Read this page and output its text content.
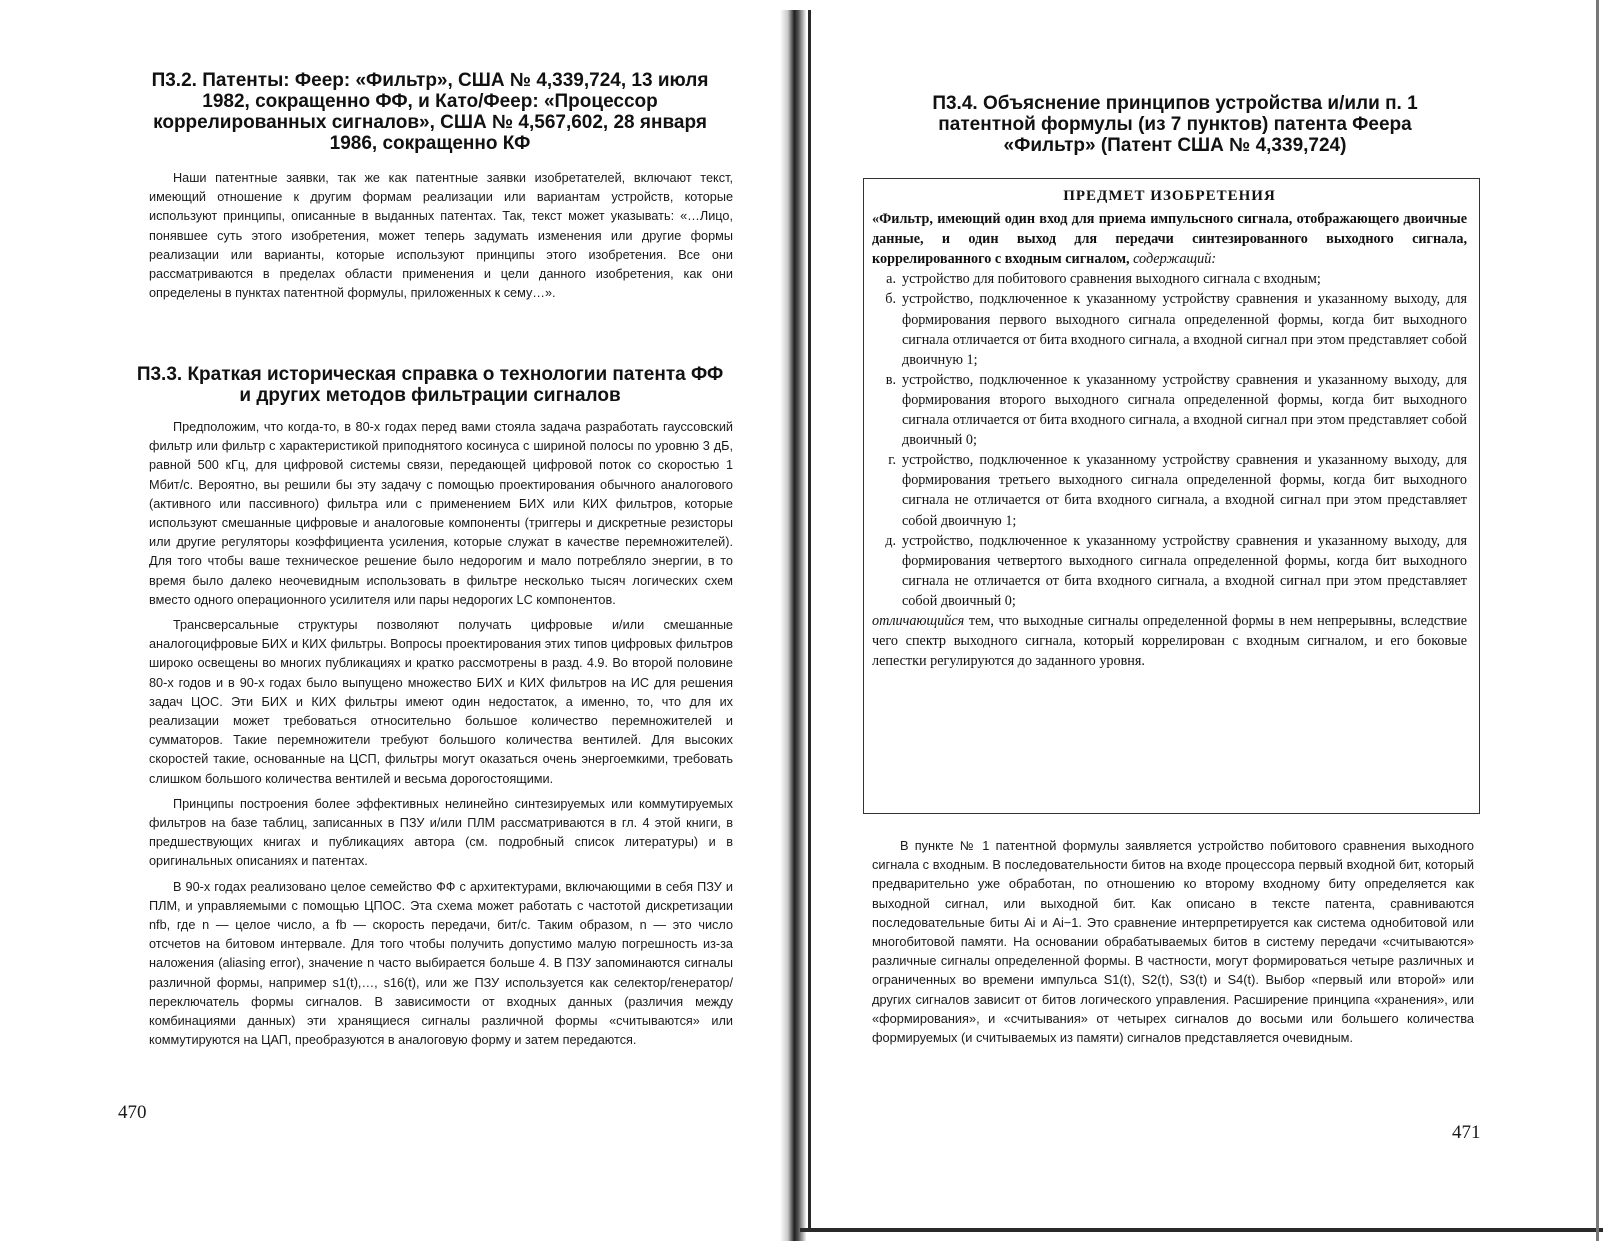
П3.2. Патенты: Феер: «Фильтр», США № 4,339,724, 13 июля 1982, сокращенно ФФ, и Като/Феер: «Процессор коррелированных сигналов», США № 4,567,602, 28 января 1986, сокращенно КФ

Наши патентные заявки, так же как патентные заявки изобретателей, включают текст, имеющий отношение к другим формам реализации или вариантам устройств, которые используют принципы, описанные в выданных патентах. Так, текст может указывать: «…Лицо, понявшее суть этого изобретения, может теперь задумать изменения или другие формы реализации или варианты, которые используют принципы этого изобретения. Все они рассматриваются в пределах области применения и цели данного изобретения, как они определены в пунктах патентной формулы, приложенных к сему…».

П3.3. Краткая историческая справка о технологии патента ФФ и других методов фильтрации сигналов

Предположим, что когда-то, в 80-х годах перед вами стояла задача разработать гауссовский фильтр или фильтр с характеристикой приподнятого косинуса с шириной полосы по уровню 3 дБ, равной 500 кГц, для цифровой системы связи, передающей цифровой поток со скоростью 1 Мбит/с. Вероятно, вы решили бы эту задачу с помощью проектирования обычного аналогового (активного или пассивного) фильтра или с применением БИХ или КИХ фильтров, которые используют смешанные цифровые и аналоговые компоненты (триггеры и дискретные резисторы или другие регуляторы коэффициента усиления, которые служат в качестве перемножителей). Для того чтобы ваше техническое решение было недорогим и мало потребляло энергии, в то время было далеко неочевидным использовать в фильтре несколько тысяч логических схем вместо одного операционного усилителя или пары недорогих LC компонентов.

Трансверсальные структуры позволяют получать цифровые и/или смешанные аналогоцифровые БИХ и КИХ фильтры. Вопросы проектирования этих типов цифровых фильтров широко освещены во многих публикациях и кратко рассмотрены в разд. 4.9. Во второй половине 80-х годов и в 90-х годах было выпущено множество БИХ и КИХ фильтров на ИС для решения задач ЦОС. Эти БИХ и КИХ фильтры имеют один недостаток, а именно, то, что для их реализации может требоваться относительно большое количество перемножителей и сумматоров. Такие перемножители требуют большого количества вентилей. Для высоких скоростей такие, основанные на ЦСП, фильтры могут оказаться очень энергоемкими, требовать слишком большого количества вентилей и весьма дорогостоящими.

Принципы построения более эффективных нелинейно синтезируемых или коммутируемых фильтров на базе таблиц, записанных в ПЗУ и/или ПЛМ рассматриваются в гл. 4 этой книги, в предшествующих книгах и публикациях автора (см. подробный список литературы) и в оригинальных описаниях и патентах.

В 90-х годах реализовано целое семейство ФФ с архитектурами, включающими в себя ПЗУ и ПЛМ, и управляемыми с помощью ЦПОС. Эта схема может работать с частотой дискретизации nfb, где n — целое число, а fb — скорость передачи, бит/с. Таким образом, n — это число отсчетов на битовом интервале. Для того чтобы получить допустимо малую погрешность из-за наложения (aliasing error), значение n часто выбирается больше 4. В ПЗУ запоминаются сигналы различной формы, например s1(t),…, s16(t), или же ПЗУ используется как селектор/генератор/переключатель формы сигналов. В зависимости от входных данных (различия между комбинациями данных) эти хранящиеся сигналы различной формы «считываются» или коммутируются на ЦАП, преобразуются в аналоговую форму и затем передаются.

470
П3.4. Объяснение принципов устройства и/или п. 1 патентной формулы (из 7 пунктов) патента Феера «Фильтр» (Патент США № 4,339,724)
ПРЕДМЕТ ИЗОБРЕТЕНИЯ

«Фильтр, имеющий один вход для приема импульсного сигнала, отображающего двоичные данные, и один выход для передачи синтезированного выходного сигнала, коррелированного с входным сигналом, содержащий:

а. устройство для побитового сравнения выходного сигнала с входным;
б. устройство, подключенное к указанному устройству сравнения и указанному выходу, для формирования первого выходного сигнала определенной формы, когда бит выходного сигнала отличается от бита входного сигнала, а входной сигнал при этом представляет собой двоичную 1;
в. устройство, подключенное к указанному устройству сравнения и указанному выходу, для формирования второго выходного сигнала определенной формы, когда бит выходного сигнала отличается от бита входного сигнала, а входной сигнал при этом представляет собой двоичный 0;
г. устройство, подключенное к указанному устройству сравнения и указанному выходу, для формирования третьего выходного сигнала определенной формы, когда бит выходного сигнала не отличается от бита входного сигнала, а входной сигнал при этом представляет собой двоичную 1;
д. устройство, подключенное к указанному устройству сравнения и указанному выходу, для формирования четвертого выходного сигнала определенной формы, когда бит выходного сигнала не отличается от бита входного сигнала, а входной сигнал при этом представляет собой двоичный 0;

отличающийся тем, что выходные сигналы определенной формы в нем непрерывны, вследствие чего спектр выходного сигнала, который коррелирован с входным сигналом, и его боковые лепестки регулируются до заданного уровня.

В пункте № 1 патентной формулы заявляется устройство побитового сравнения выходного сигнала с входным. В последовательности битов на входе процессора первый входной бит, который предварительно уже обработан, по отношению ко второму входному биту определяется как выходной сигнал, или выходной бит. Как описано в тексте патента, сравниваются последовательные биты Ai и Ai−1. Это сравнение интерпретируется как система однобитовой или многобитовой памяти. На основании обрабатываемых битов в систему передачи «считываются» различные сигналы определенной формы. В частности, могут формироваться четыре различных и ограниченных во времени импульса S1(t), S2(t), S3(t) и S4(t). Выбор «первый или второй» или других сигналов зависит от битов логического управления. Расширение принципа «хранения», или «формирования», и «считывания» от четырех сигналов до восьми или большего количества формируемых (и считываемых из памяти) сигналов представляется очевидным.

471
